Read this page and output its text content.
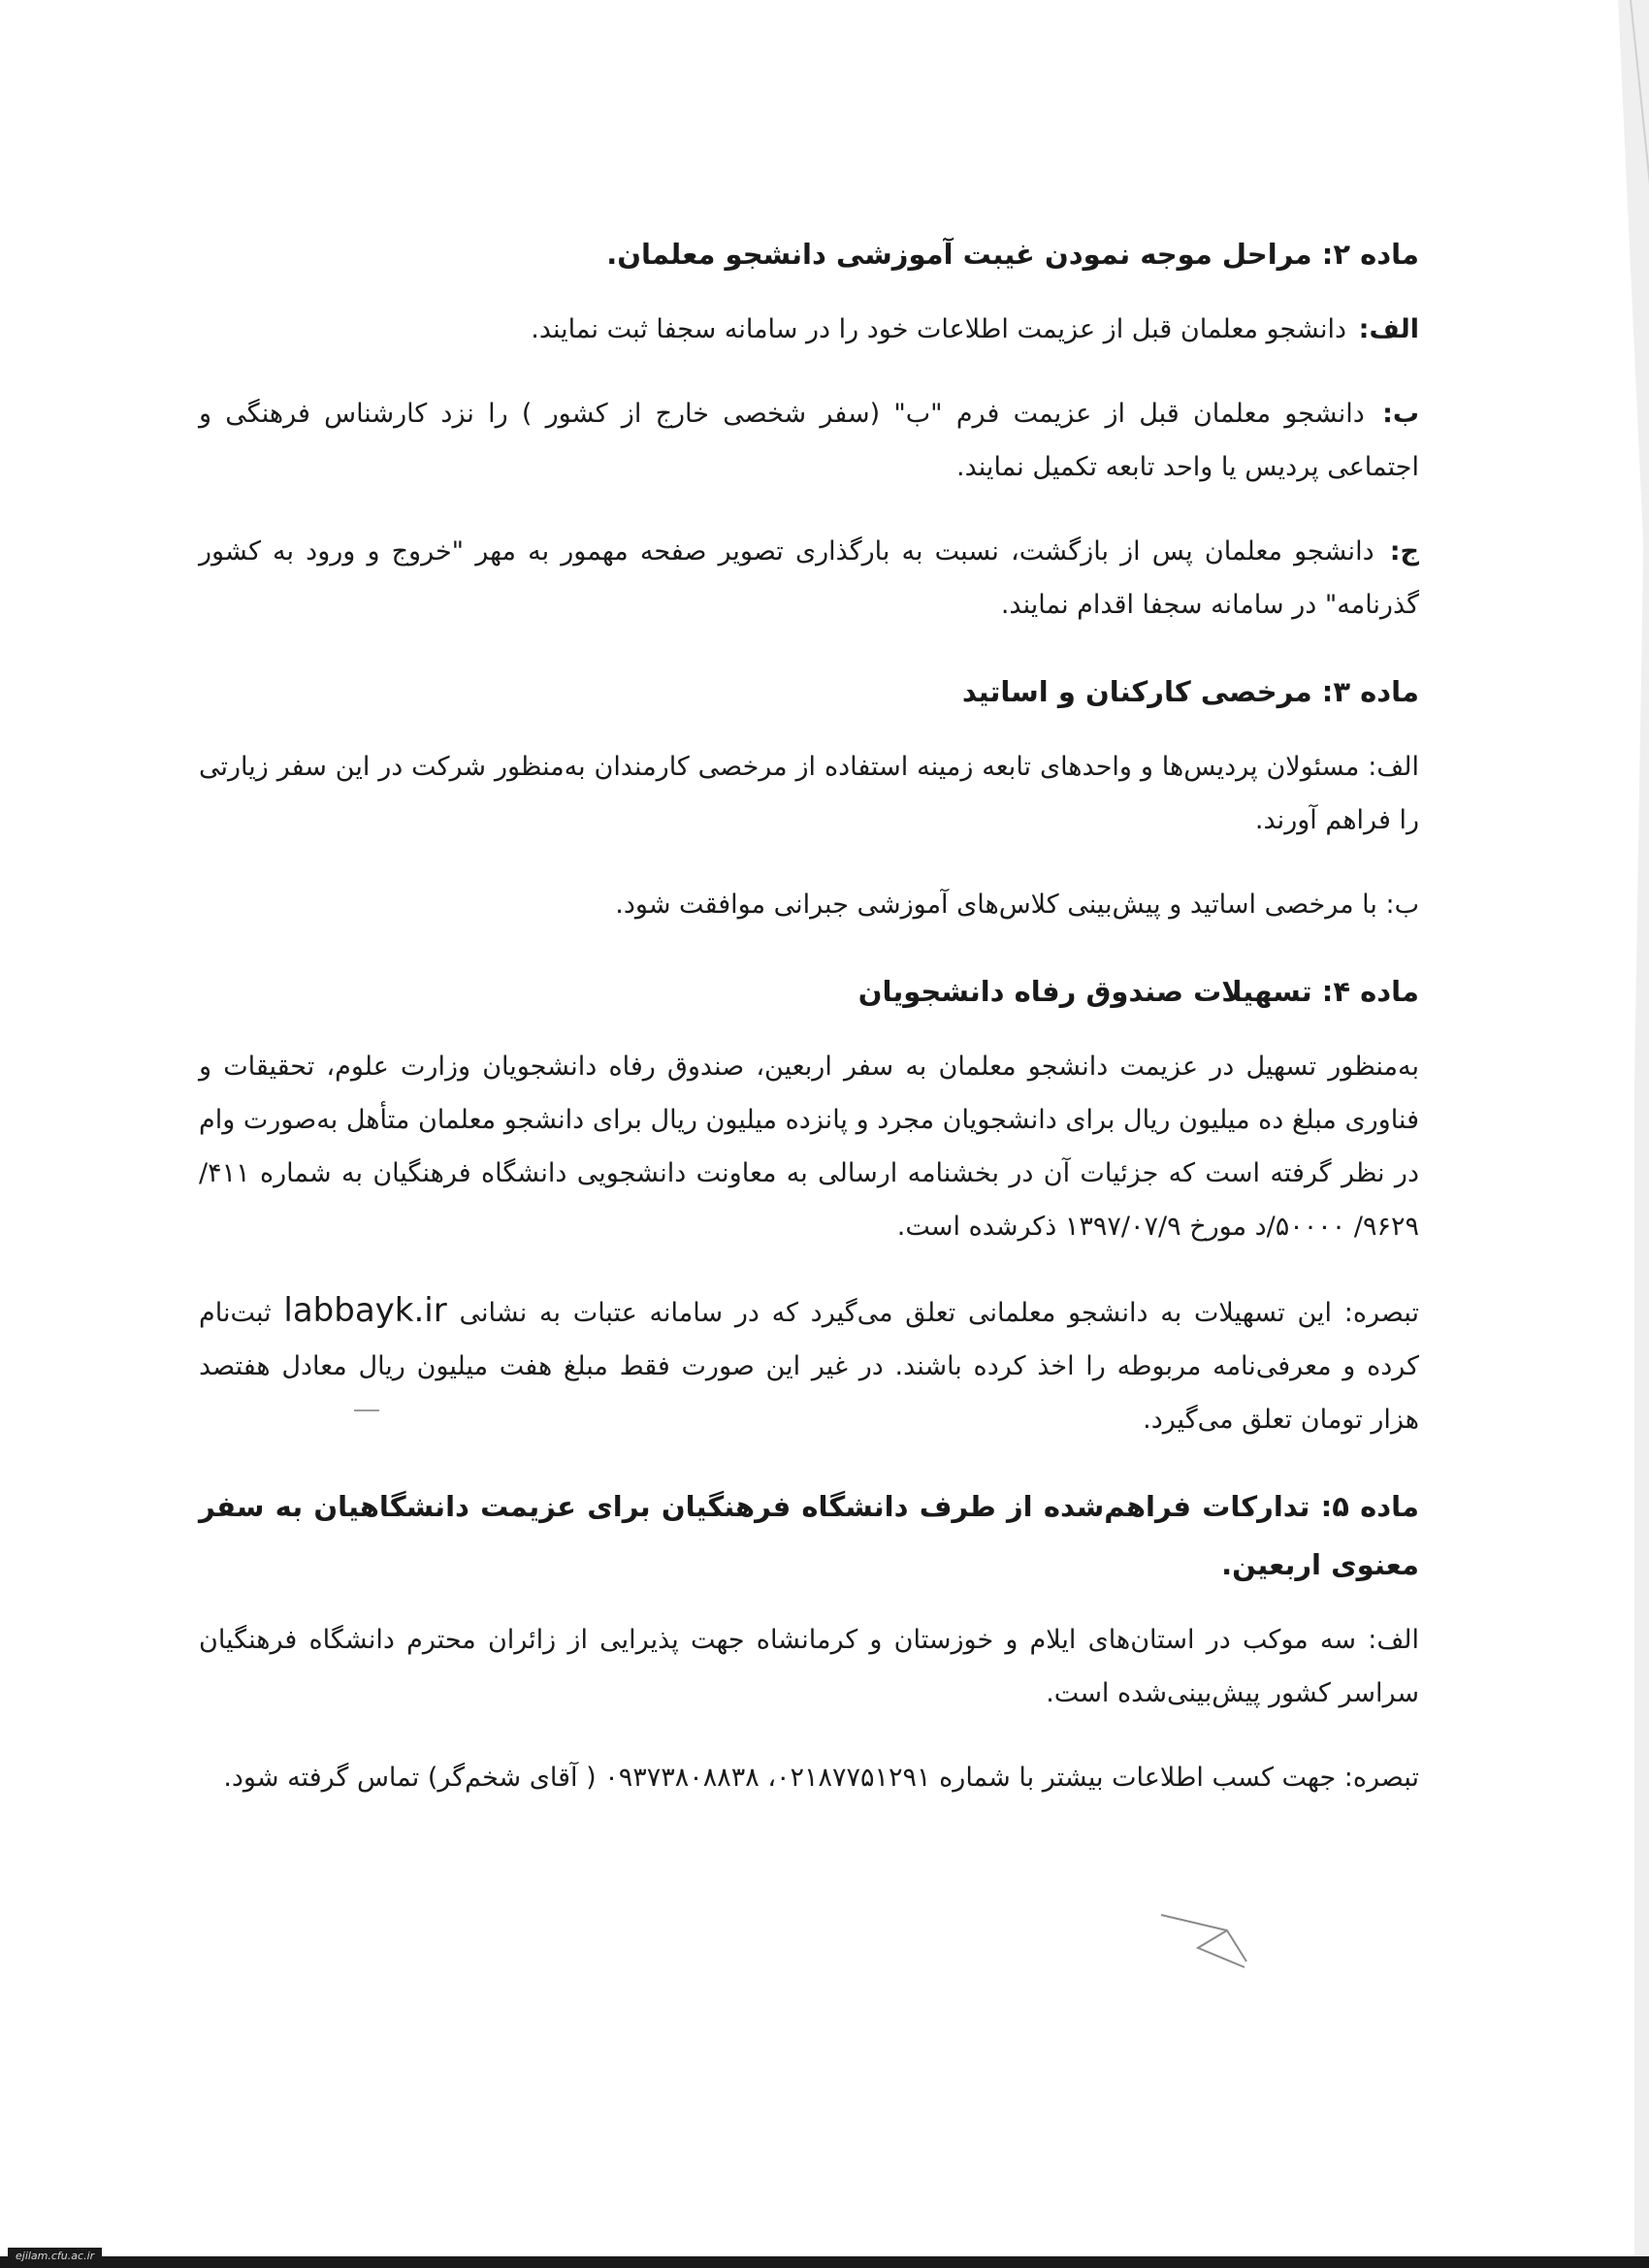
ماده ۲: مراحل موجه نمودن غیبت آموزشی دانشجو معلمان.

الف: دانشجو معلمان قبل از عزیمت اطلاعات خود را در سامانه سجفا ثبت نمایند.

ب: دانشجو معلمان قبل از عزیمت فرم "ب" (سفر شخصی خارج از کشور ) را نزد کارشناس فرهنگی و اجتماعی پردیس یا واحد تابعه تکمیل نمایند.

ج: دانشجو معلمان پس از بازگشت، نسبت به بارگذاری تصویر صفحه مهمور به مهر "خروج و ورود به کشور گذرنامه" در سامانه سجفا اقدام نمایند.

ماده ۳: مرخصی کارکنان و اساتید

الف: مسئولان پردیس‌ها و واحدهای تابعه زمینه استفاده از مرخصی کارمندان به‌منظور شرکت در این سفر زیارتی را فراهم آورند.

ب: با مرخصی اساتید و پیش‌بینی کلاس‌های آموزشی جبرانی موافقت شود.

ماده ۴: تسهیلات صندوق رفاه دانشجویان

به‌منظور تسهیل در عزیمت دانشجو معلمان به سفر اربعین، صندوق رفاه دانشجویان وزارت علوم، تحقیقات و فناوری مبلغ ده میلیون ریال برای دانشجویان مجرد و پانزده میلیون ریال برای دانشجو معلمان متأهل به‌صورت وام در نظر گرفته است که جزئیات آن در بخشنامه ارسالی به معاونت دانشجویی دانشگاه فرهنگیان به شماره ۴۱۱/ ۹۶۲۹/ ۵۰۰۰۰/د مورخ ۱۳۹۷/۰۷/۹ ذکرشده است.

تبصره: این تسهیلات به دانشجو معلمانی تعلق می‌گیرد که در سامانه عتبات به نشانی labbayk.ir ثبت‌نام کرده و معرفی‌نامه مربوطه را اخذ کرده باشند. در غیر این صورت فقط مبلغ هفت میلیون ریال معادل هفتصد هزار تومان تعلق می‌گیرد.

ماده ۵: تدارکات فراهم‌شده از طرف دانشگاه فرهنگیان برای عزیمت دانشگاهیان به سفر معنوی اربعین.

الف: سه موکب در استان‌های ایلام و خوزستان و کرمانشاه جهت پذیرایی از زائران محترم دانشگاه فرهنگیان سراسر کشور پیش‌بینی‌شده است.

تبصره: جهت کسب اطلاعات بیشتر با شماره ۰۲۱۸۷۷۵۱۲۹۱، ۰۹۳۷۳۸۰۸۸۳۸ ( آقای شخم‌گر) تماس گرفته شود.

ejilam.cfu.ac.ir
